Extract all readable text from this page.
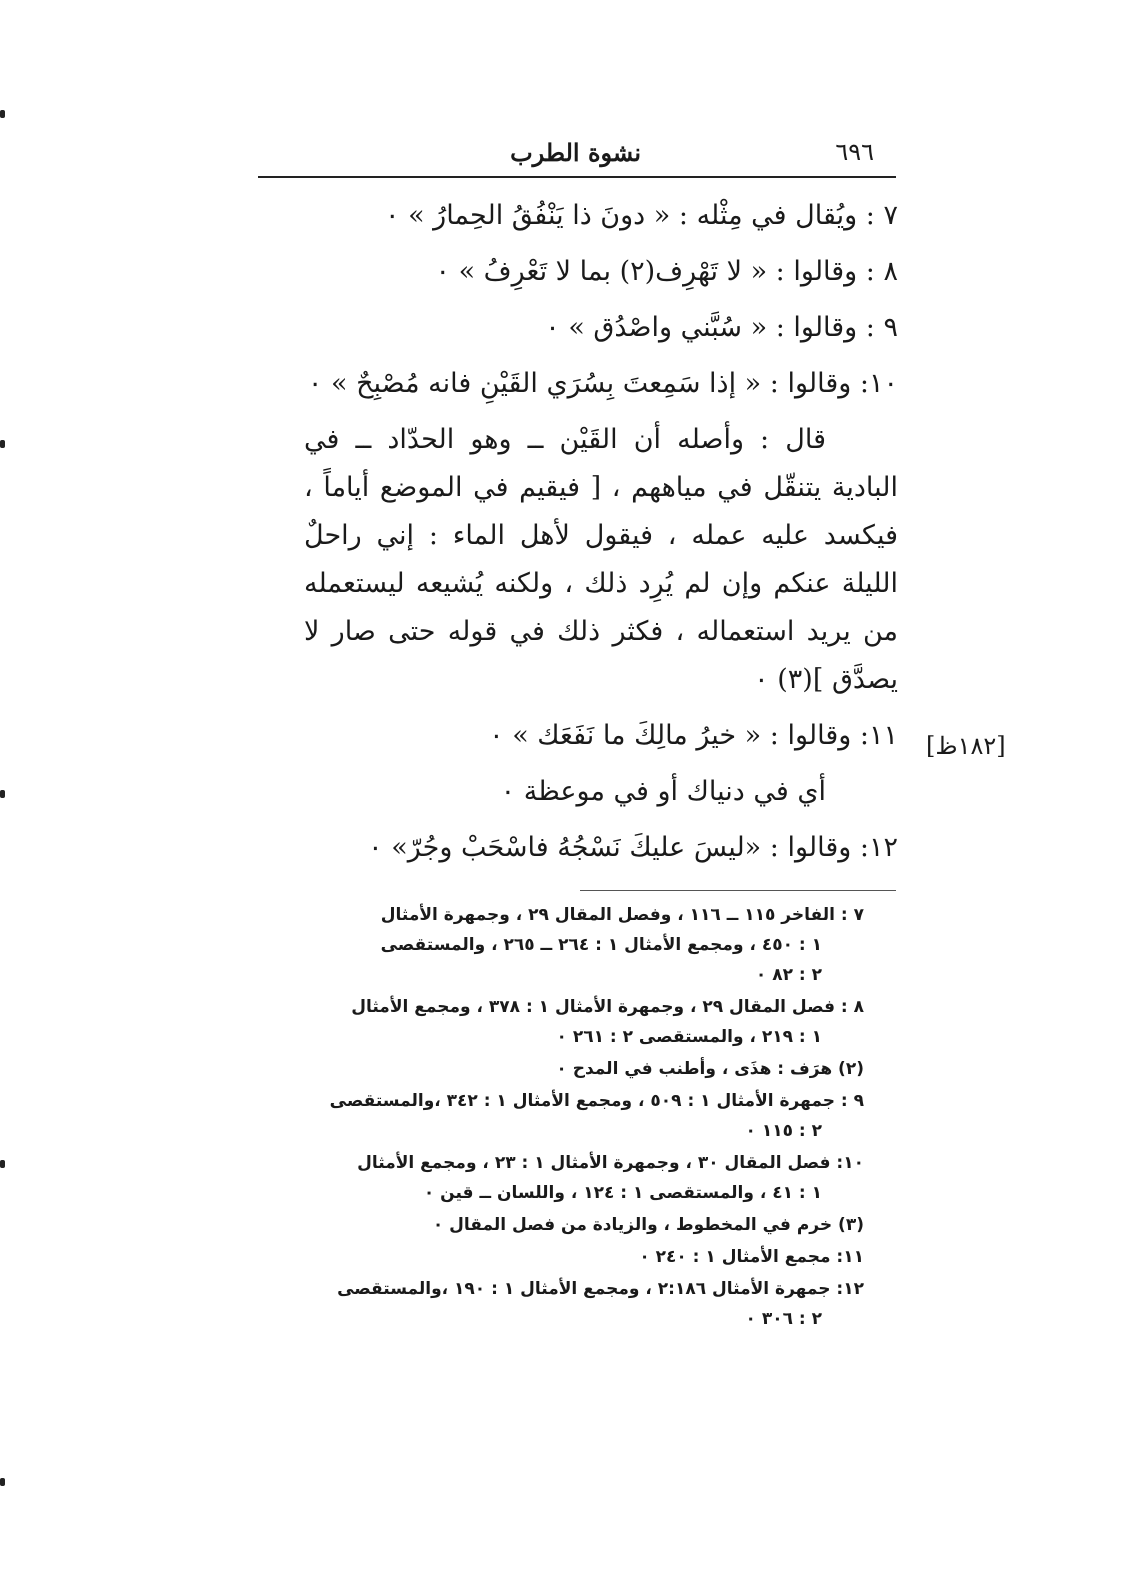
٦٩٦
نشوة الطرب

٧ : ويُقال في مِثْله : « دونَ ذا يَنْفُقُ الحِمارُ » ٠

٨ : وقالوا : « لا تَهْرِف(٢) بما لا تَعْرِفُ » ٠

٩ : وقالوا : « سُبَّني واصْدُق » ٠

١٠: وقالوا : « إذا سَمِعتَ بِسُرَي القَيْنِ فانه مُصْبِحٌ » ٠

قال : وأصله أن القَيْن ــ وهو الحدّاد ــ في البادية يتنقّل في مياههم ، [ فيقيم في الموضع أياماً ، فيكسد عليه عمله ، فيقول لأهل الماء : إني راحلٌ الليلة عنكم وإن لم يُرِد ذلك ، ولكنه يُشيعه ليستعمله من يريد استعماله ، فكثر ذلك في قوله حتى صار لا يصدَّق ](٣) ٠

١١: وقالوا : « خيرُ مالِكَ ما نَفَعَك » ٠

أي في دنياك أو في موعظة ٠

١٢: وقالوا : «ليسَ عليكَ نَسْجُهُ فاسْحَبْ وجُرّ» ٠

[١٨٢ظ]
٧ : الفاخر ١١٥ ــ ١١٦ ، وفصل المقال ٢٩ ، وجمهرة الأمثال
١ : ٤٥٠ ، ومجمع الأمثال ١ : ٢٦٤ ــ ٢٦٥ ، والمستقصى
٢ : ٨٢ ٠
٨ : فصل المقال ٢٩ ، وجمهرة الأمثال ١ : ٣٧٨ ، ومجمع الأمثال
١ : ٢١٩ ، والمستقصى ٢ : ٢٦١ ٠
(٢) هرَف : هذَى ، وأطنب في المدح ٠
٩ : جمهرة الأمثال ١ : ٥٠٩ ، ومجمع الأمثال ١ : ٣٤٢ ،والمستقصى
٢ : ١١٥ ٠
١٠: فصل المقال ٣٠ ، وجمهرة الأمثال ١ : ٢٣ ، ومجمع الأمثال
١ : ٤١ ، والمستقصى ١ : ١٢٤ ، واللسان ــ قين ٠
(٣) خرم في المخطوط ، والزيادة من فصل المقال ٠
١١: مجمع الأمثال ١ : ٢٤٠ ٠
١٢: جمهرة الأمثال ٢:١٨٦ ، ومجمع الأمثال ١ : ١٩٠ ،والمستقصى
٢ : ٣٠٦ ٠
